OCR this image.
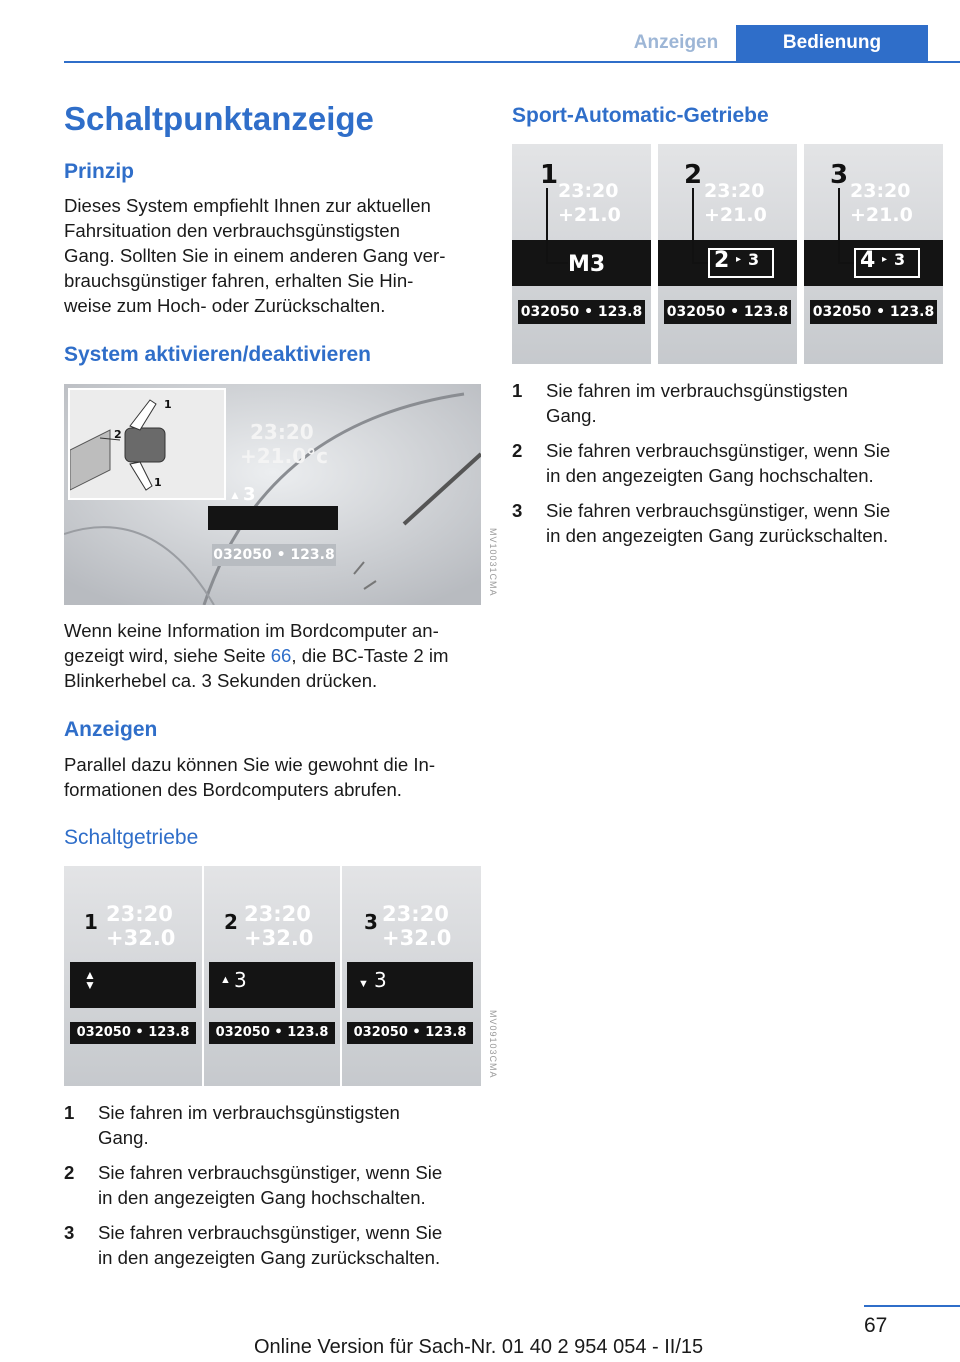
Anzeigen	Bedienung
Schaltpunktanzeige
Prinzip

Dieses System empfiehlt Ihnen zur aktuellen
Fahrsituation den verbrauchsgünstigsten
Gang. Sollten Sie in einem anderen Gang ver‐
brauchsgünstiger fahren, erhalten Sie Hin‐
weise zum Hoch- oder Zurückschalten.

System aktivieren/deaktivieren
1
2
1
23:20
+21.0°c
▲ 3
032050 • 123.8	MV10031CMA

Wenn keine Information im Bordcomputer an‐
gezeigt wird, siehe Seite 66, die BC-Taste 2 im
Blinkerhebel ca. 3 Sekunden drücken.

Anzeigen

Parallel dazu können Sie wie gewohnt die In‐
formationen des Bordcomputers abrufen.

Schaltgetriebe
23:20
+32.0
1
▲
▼
032050 • 123.8
23:20
+32.0
2
▲ 3
032050 • 123.8
23:20
+32.0
3
▼ 3
032050 • 123.8	MV09103CMA
1 Sie fahren im verbrauchsgünstigsten
Gang.
2 Sie fahren verbrauchsgünstiger, wenn Sie
in den angezeigten Gang hochschalten.
3 Sie fahren verbrauchsgünstiger, wenn Sie
in den angezeigten Gang zurückschalten.
Sport-Automatic-Getriebe
1
23:20
+21.0
M3
032050 • 123.8
2
23:20
+21.0
2 ▸ 3
032050 • 123.8
3
23:20
+21.0
4 ▸ 3
032050 • 123.8
1 Sie fahren im verbrauchsgünstigsten
Gang.
2 Sie fahren verbrauchsgünstiger, wenn Sie
in den angezeigten Gang hochschalten.
3 Sie fahren verbrauchsgünstiger, wenn Sie
in den angezeigten Gang zurückschalten.
67
Online Version für Sach-Nr. 01 40 2 954 054 - II/15
